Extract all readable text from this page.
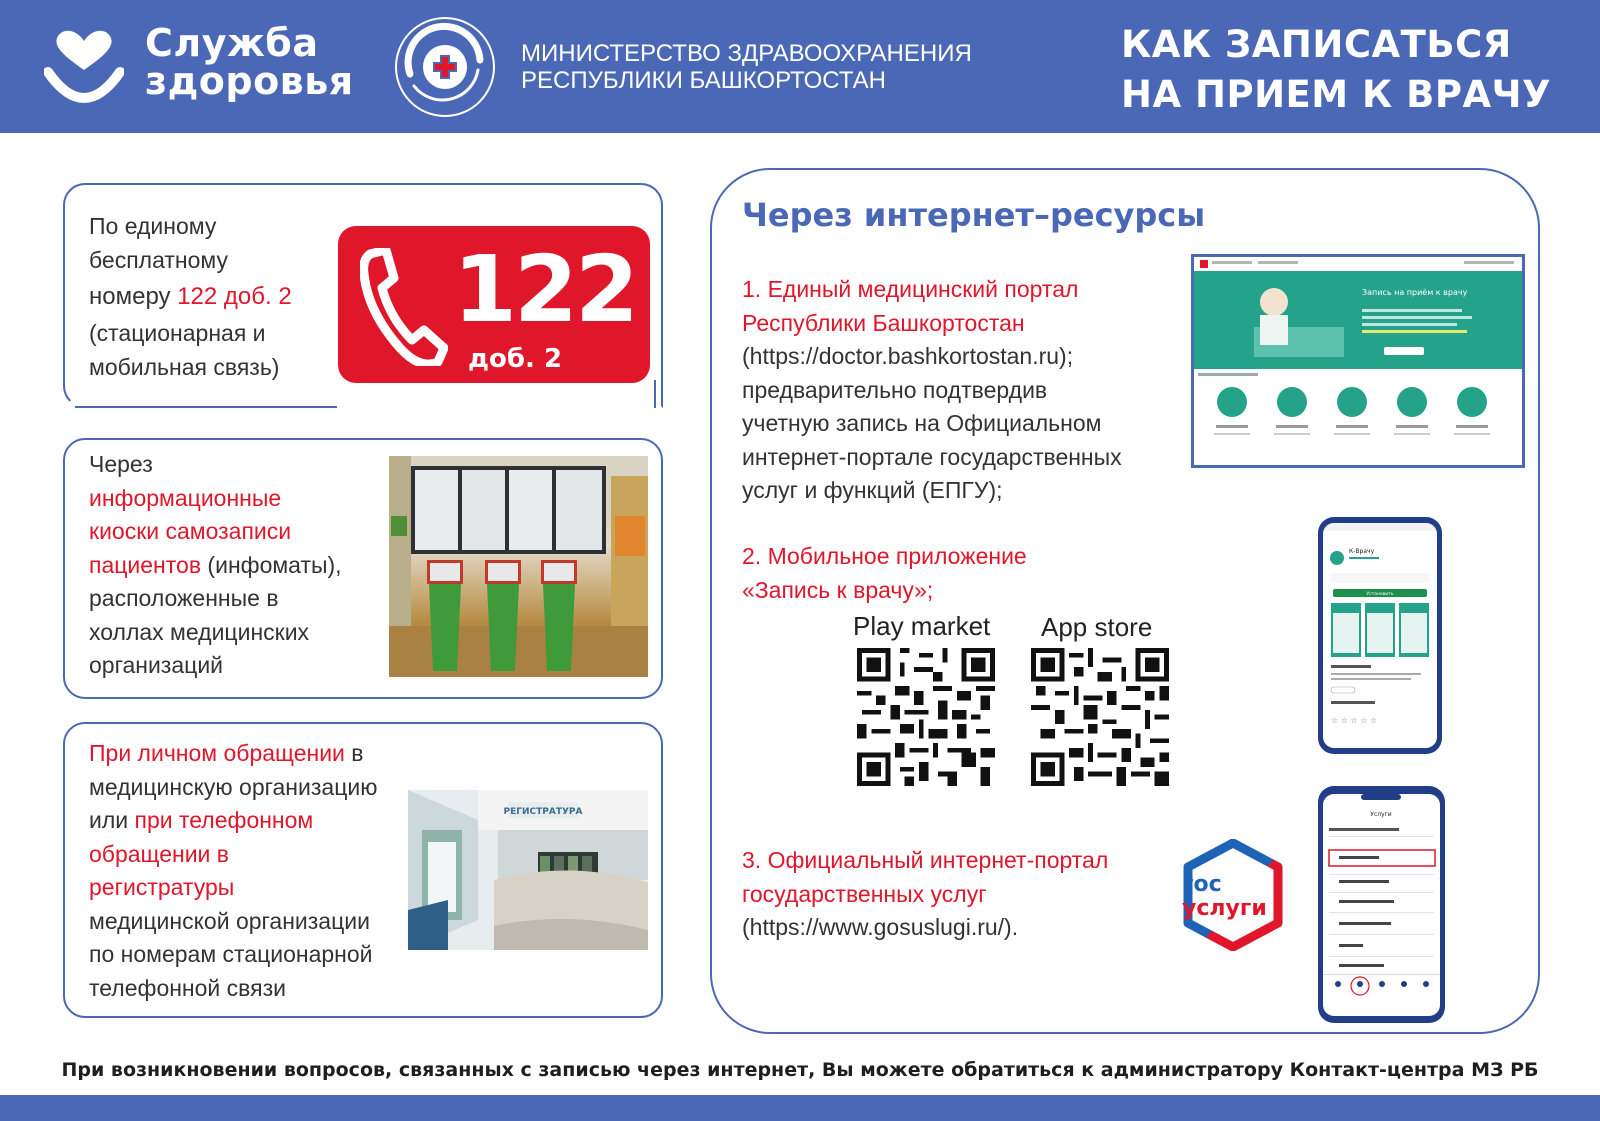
Служба
здоровья
МИНИСТЕРСТВО ЗДРАВООХРАНЕНИЯ
РЕСПУБЛИКИ БАШКОРТОСТАН
КАК ЗАПИСАТЬСЯ
НА ПРИЕМ К ВРАЧУ
По единому
бесплатному
номеру 122 доб. 2
(стационарная и
мобильная связь)
122
доб. 2
Через
информационные
киоски самозаписи
пациентов (инфоматы),
расположенные в
холлах медицинских
организаций
При личном обращении в
медицинскую организацию
или при телефонном
обращении в
регистратуры
медицинской организации
по номерам стационарной
телефонной связи
РЕГИСТРАТУРА
Через интернет–ресурсы
1. Единый медицинский портал
Республики Башкортостан
(https://doctor.bashkortostan.ru);
предварительно подтвердив
учетную запись на Официальном
интернет-портале государственных
услуг и функций (ЕПГУ);
Запись на приём к врачу
2. Мобильное приложение
«Запись к врачу»;
Play market App store
К-Врачу
Установить
☆ ☆ ☆ ☆ ☆
3. Официальный интернет-портал
государственных услуг
(https://www.gosuslugi.ru/).
гос
услуги
Услуги
При возникновении вопросов, связанных с записью через интернет, Вы можете обратиться к администратору Контакт-центра МЗ РБ
